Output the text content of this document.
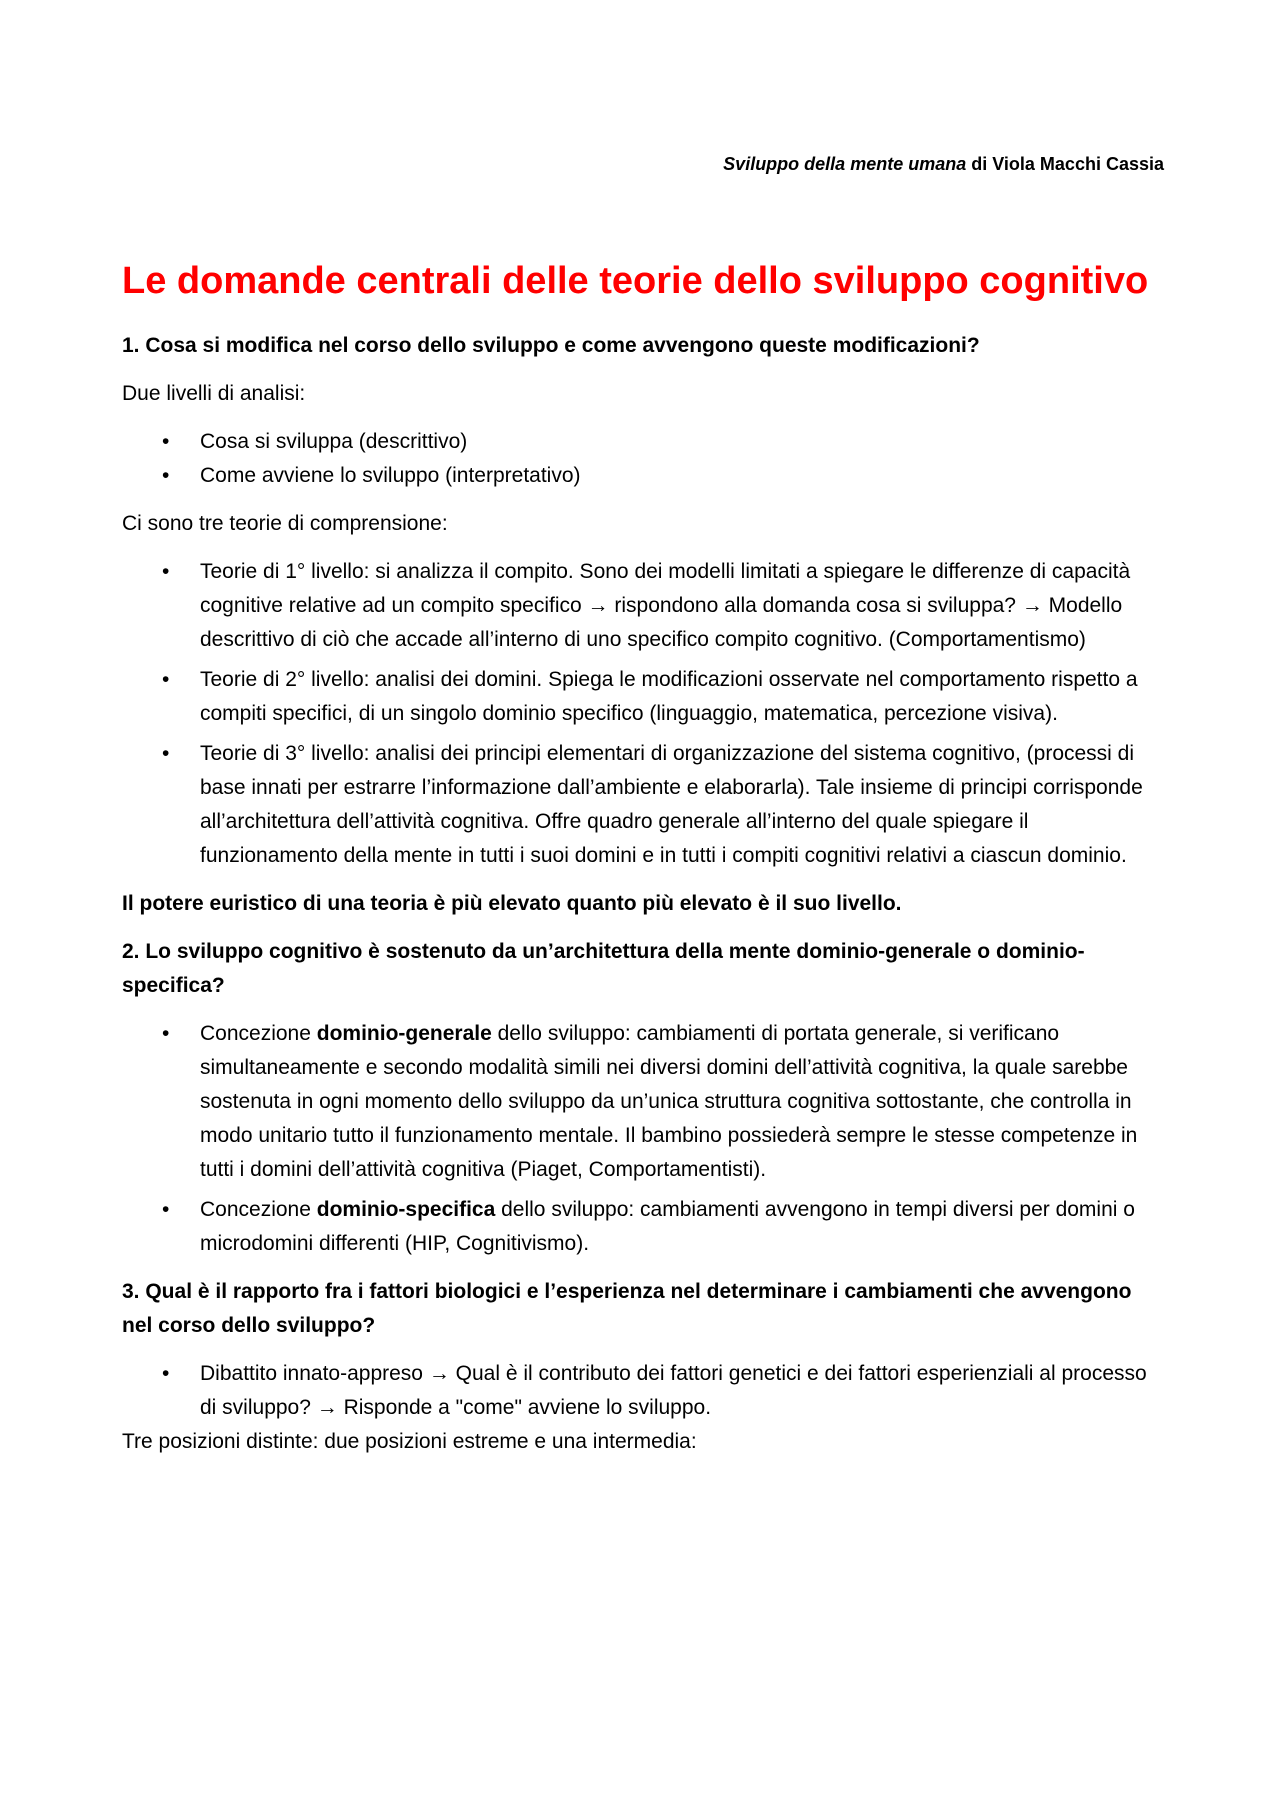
Sviluppo della mente umana di Viola Macchi Cassia
Le domande centrali delle teorie dello sviluppo cognitivo
1. Cosa si modifica nel corso dello sviluppo e come avvengono queste modificazioni?
Due livelli di analisi:
• Cosa si sviluppa (descrittivo)
• Come avviene lo sviluppo (interpretativo)
Ci sono tre teorie di comprensione:
• Teorie di 1° livello: si analizza il compito. Sono dei modelli limitati a spiegare le differenze di capacità cognitive relative ad un compito specifico → rispondono alla domanda cosa si sviluppa? → Modello descrittivo di ciò che accade all’interno di uno specifico compito cognitivo. (Comportamentismo)
• Teorie di 2° livello: analisi dei domini. Spiega le modificazioni osservate nel comportamento rispetto a compiti specifici, di un singolo dominio specifico (linguaggio, matematica, percezione visiva).
• Teorie di 3° livello: analisi dei principi elementari di organizzazione del sistema cognitivo, (processi di base innati per estrarre l’informazione dall’ambiente e elaborarla). Tale insieme di principi corrisponde all’architettura dell’attività cognitiva. Offre quadro generale all’interno del quale spiegare il funzionamento della mente in tutti i suoi domini e in tutti i compiti cognitivi relativi a ciascun dominio.
Il potere euristico di una teoria è più elevato quanto più elevato è il suo livello.
2. Lo sviluppo cognitivo è sostenuto da un’architettura della mente dominio-generale o dominio-specifica?
• Concezione dominio-generale dello sviluppo: cambiamenti di portata generale, si verificano simultaneamente e secondo modalità simili nei diversi domini dell’attività cognitiva, la quale sarebbe sostenuta in ogni momento dello sviluppo da un’unica struttura cognitiva sottostante, che controlla in modo unitario tutto il funzionamento mentale. Il bambino possiederà sempre le stesse competenze in tutti i domini dell’attività cognitiva (Piaget, Comportamentisti).
• Concezione dominio-specifica dello sviluppo: cambiamenti avvengono in tempi diversi per domini o microdomini differenti (HIP, Cognitivismo).
3. Qual è il rapporto fra i fattori biologici e l’esperienza nel determinare i cambiamenti che avvengono nel corso dello sviluppo?
• Dibattito innato-appreso → Qual è il contributo dei fattori genetici e dei fattori esperienziali al processo di sviluppo? → Risponde a "come" avviene lo sviluppo.
Tre posizioni distinte: due posizioni estreme e una intermedia:
